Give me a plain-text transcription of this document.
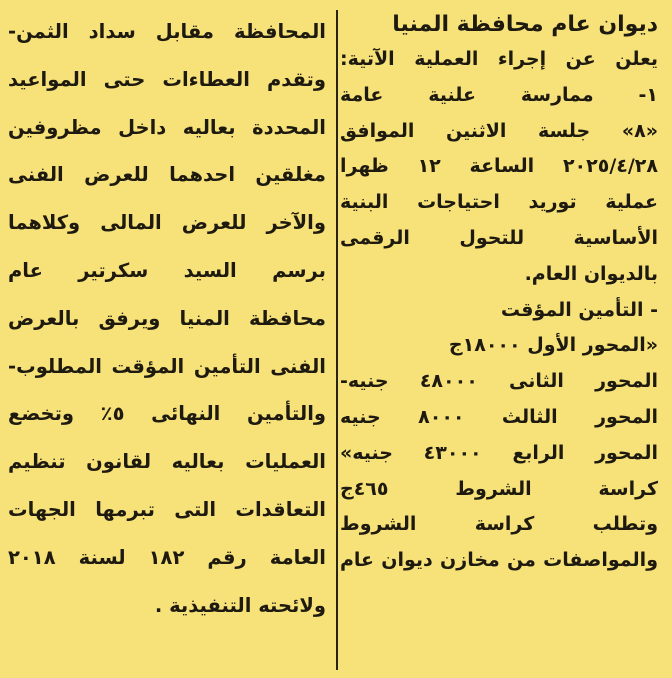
ديوان عام محافظة المنيا
يعلن عن إجراء العملية الآتية:
١- ممارسة علنية عامة
«٨» جلسة الاثنين الموافق
٢٠٢٥/٤/٢٨ الساعة ١٢ ظهرا
عملية توريد احتياجات البنية
الأساسية للتحول الرقمى
بالديوان العام.
- التأمين المؤقت
«المحور الأول ١٨٠٠٠ج
المحور الثانى ٤٨٠٠٠ جنيه-
المحور الثالث ٨٠٠٠ جنيه
المحور الرابع ٤٣٠٠٠ جنيه»
كراسة الشروط ٤٦٥ج
وتطلب كراسة الشروط
والمواصفات من مخازن ديوان عام
المحافظة مقابل سداد الثمن-
وتقدم العطاءات حتى المواعيد
المحددة بعاليه داخل مظروفين
مغلقين احدهما للعرض الفنى
والآخر للعرض المالى وكلاهما
برسم السيد سكرتير عام
محافظة المنيا ويرفق بالعرض
الفنى التأمين المؤقت المطلوب-
والتأمين النهائى ٥٪ وتخضع
العمليات بعاليه لقانون تنظيم
التعاقدات التى تبرمها الجهات
العامة رقم ١٨٢ لسنة ٢٠١٨
ولائحته التنفيذية .
